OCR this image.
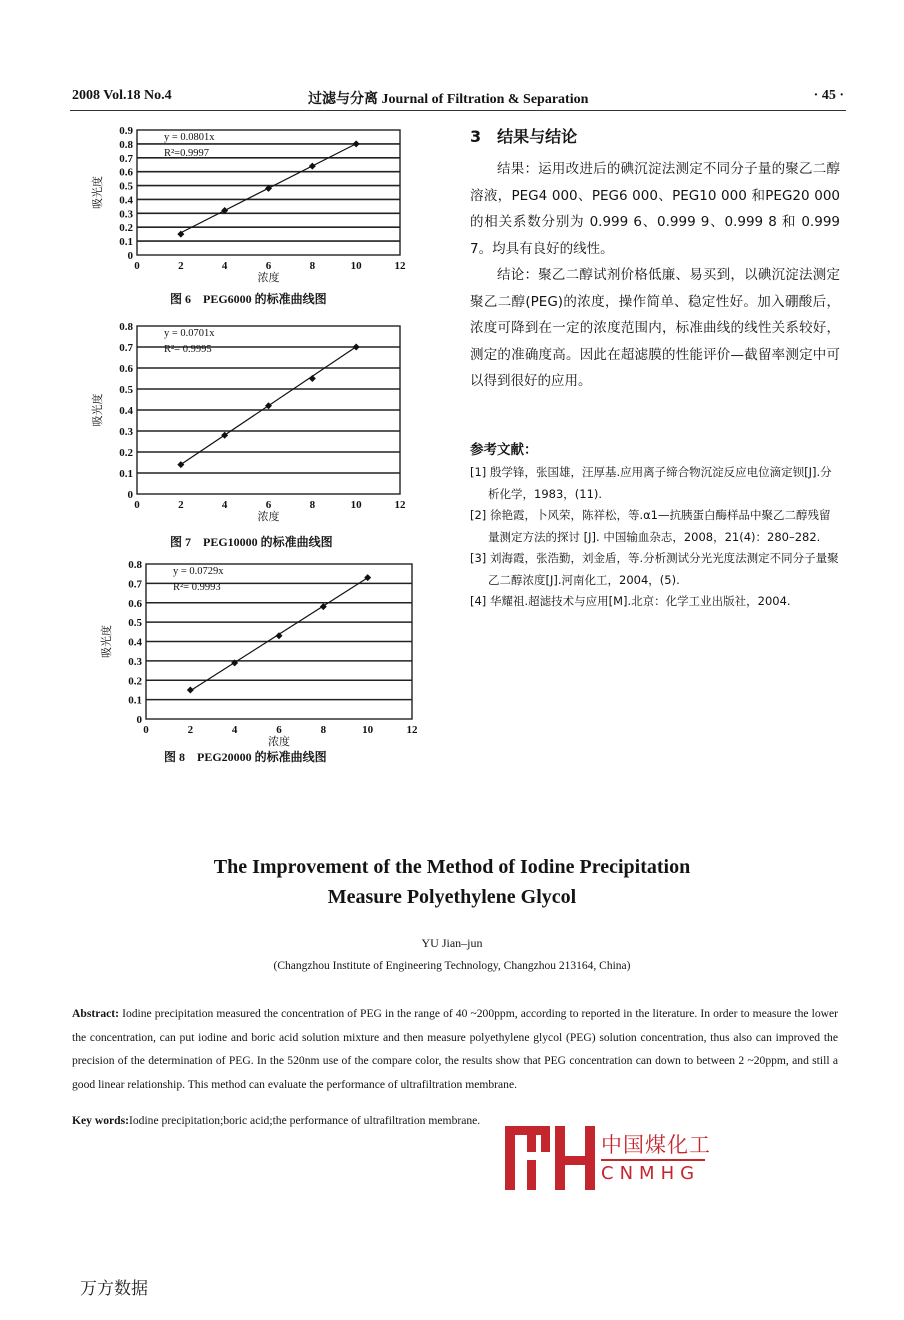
2008 Vol.18 No.4	过滤与分离 Journal of Filtration & Separation	· 45 ·
0
0.1
0.2
0.3
0.4
0.5
0.6
0.7
0.8
0.9
0	2	4	6	8	10	12
浓度
吸光度
y = 0.0801x
R²=0.9997
图 6　PEG6000 的标准曲线图
0
0.1
0.2
0.3
0.4
0.5
0.6
0.7
0.8
0	2	4	6	8	10	12
浓度
吸光度
y = 0.0701x
R²= 0.9995
图 7　PEG10000 的标准曲线图
0
0.1
0.2
0.3
0.4
0.5
0.6
0.7
0.8
0	2	4	6	8	10	12
浓度
吸光度
y = 0.0729x
R²= 0.9993
图 8　PEG20000 的标准曲线图
3　结果与结论

结果：运用改进后的碘沉淀法测定不同分子量的聚乙二醇溶液，PEG4 000、PEG6 000、PEG10 000 和PEG20 000 的相关系数分别为 0.999 6、0.999 9、0.999 8 和 0.999 7。均具有良好的线性。

结论：聚乙二醇试剂价格低廉、易买到，以碘沉淀法测定聚乙二醇(PEG)的浓度，操作简单、稳定性好。加入硼酸后，浓度可降到在一定的浓度范围内，标准曲线的线性关系较好，测定的准确度高。因此在超滤膜的性能评价—截留率测定中可以得到很好的应用。

参考文献：

[1] 殷学锋，张国雄，汪厚基.应用离子缔合物沉淀反应电位滴定钡[J].分析化学，1983，(11).

[2] 徐艳霞，卜风荣，陈祥松，等.α1—抗胰蛋白酶样品中聚乙二醇残留量测定方法的探讨 [J]. 中国输血杂志，2008，21(4)：280–282.

[3] 刘海霞，张浩勤，刘金盾，等.分析测试分光光度法测定不同分子量聚乙二醇浓度[J].河南化工，2004，(5).

[4] 华耀祖.超滤技术与应用[M].北京：化学工业出版社，2004.

The Improvement of the Method of Iodine Precipitation
Measure Polyethylene Glycol
YU Jian–jun
(Changzhou Institute of Engineering Technology, Changzhou 213164, China)
Abstract: Iodine precipitation measured the concentration of PEG in the range of 40 ~200ppm, according to reported in the literature. In order to measure the lower the concentration, can put iodine and boric acid solution mixture and then measure polyethylene glycol (PEG) solution concentration, thus also can improved the precision of the determination of PEG. In the 520nm use of the compare color, the results show that PEG concentration can down to between 2 ~20ppm, and still a good linear relationship. This method can evaluate the performance of ultrafiltration membrane.
Key words:Iodine precipitation;boric acid;the performance of ultrafiltration membrane.
中国煤化工
CNMHG
万方数据
